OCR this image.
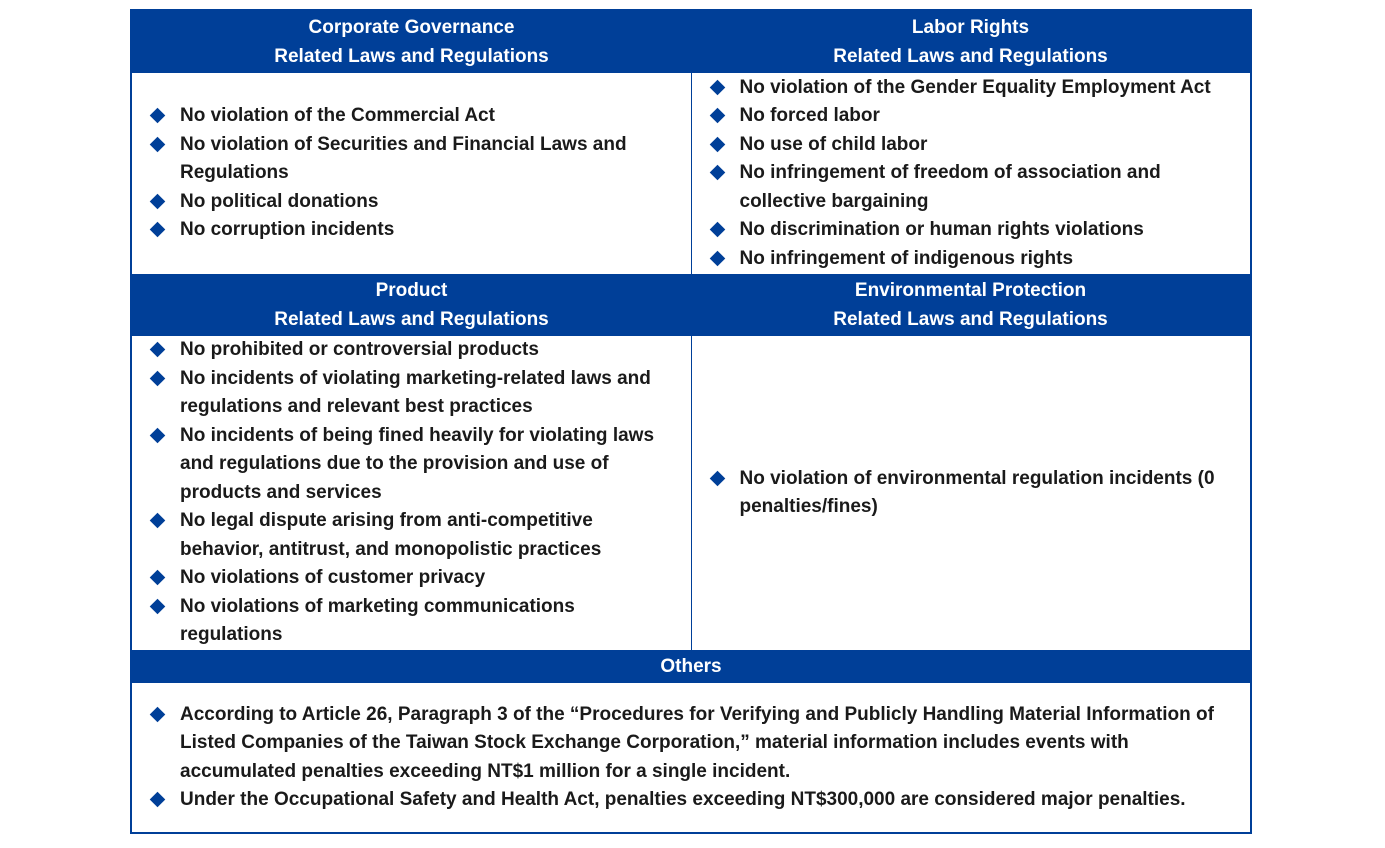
Corporate Governance
Related Laws and Regulations
Labor Rights
Related Laws and Regulations
No violation of the Commercial Act
No violation of Securities and Financial Laws and Regulations
No political donations
No corruption incidents
No violation of the Gender Equality Employment Act
No forced labor
No use of child labor
No infringement of freedom of association and collective bargaining
No discrimination or human rights violations
No infringement of indigenous rights
Product
Related Laws and Regulations
Environmental Protection
Related Laws and Regulations
No prohibited or controversial products
No incidents of violating marketing-related laws and regulations and relevant best practices
No incidents of being fined heavily for violating laws and regulations due to the provision and use of products and services
No legal dispute arising from anti-competitive behavior, antitrust, and monopolistic practices
No violations of customer privacy
No violations of marketing communications regulations
No violation of environmental regulation incidents (0 penalties/fines)
Others
According to Article 26, Paragraph 3 of the “Procedures for Verifying and Publicly Handling Material Information of Listed Companies of the Taiwan Stock Exchange Corporation,” material information includes events with accumulated penalties exceeding NT$1 million for a single incident.
Under the Occupational Safety and Health Act, penalties exceeding NT$300,000 are considered major penalties.
